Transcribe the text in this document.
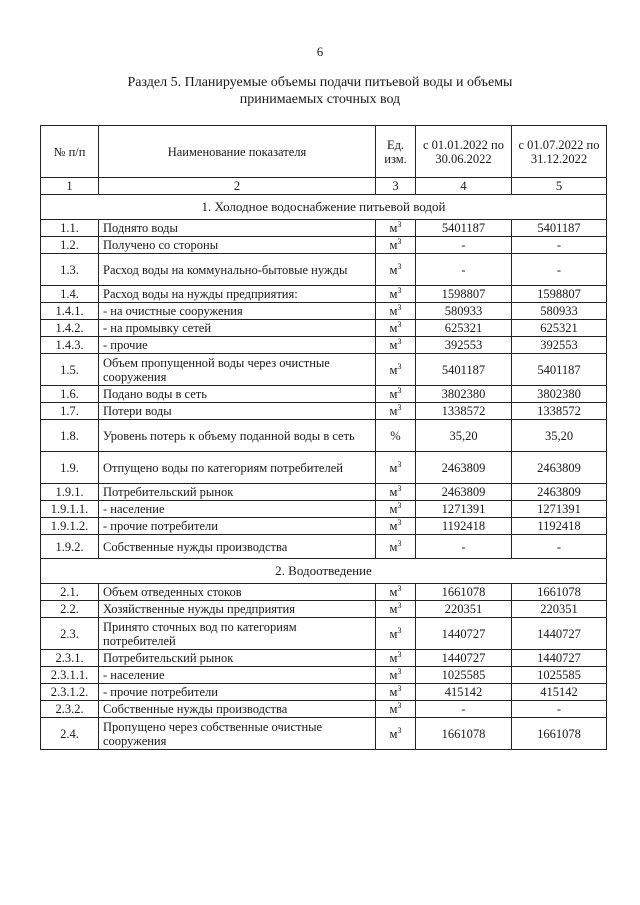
6
Раздел 5. Планируемые объемы подачи питьевой воды и объемы
принимаемых сточных вод
№ п/п	Наименование показателя	Ед. изм.	с 01.01.2022 по 30.06.2022	с 01.07.2022 по 31.12.2022
1	2	3	4	5
1. Холодное водоснабжение питьевой водой				
1.1.	Поднято воды	$м^3$	5401187	5401187
1.2.	Получено со стороны	$м^3$	-	-
1.3.	Расход воды на коммунально-бытовые нужды	$м^3$	-	-
1.4.	Расход воды на нужды предприятия:	$м^3$	1598807	1598807
1.4.1.	- на очистные сооружения	$м^3$	580933	580933
1.4.2.	- на промывку сетей	$м^3$	625321	625321
1.4.3.	- прочие	$м^3$	392553	392553
1.5.	Объем пропущенной воды через очистные сооружения	$м^3$	5401187	5401187
1.6.	Подано воды в сеть	$м^3$	3802380	3802380
1.7.	Потери воды	$м^3$	1338572	1338572
1.8.	Уровень потерь к объему поданной воды в сеть	%	35,20	35,20
1.9.	Отпущено воды по категориям потребителей	$м^3$	2463809	2463809
1.9.1.	Потребительский рынок	$м^3$	2463809	2463809
1.9.1.1.	- население	$м^3$	1271391	1271391
1.9.1.2.	- прочие потребители	$м^3$	1192418	1192418
1.9.2.	Собственные нужды производства	$м^3$	-	-
2. Водоотведение				
2.1.	Объем отведенных стоков	$м^3$	1661078	1661078
2.2.	Хозяйственные нужды предприятия	$м^3$	220351	220351
2.3.	Принято сточных вод по категориям потребителей	$м^3$	1440727	1440727
2.3.1.	Потребительский рынок	$м^3$	1440727	1440727
2.3.1.1.	- население	$м^3$	1025585	1025585
2.3.1.2.	- прочие потребители	$м^3$	415142	415142
2.3.2.	Собственные нужды производства	$м^3$	-	-
2.4.	Пропущено через собственные очистные сооружения	$м^3$	1661078	1661078
